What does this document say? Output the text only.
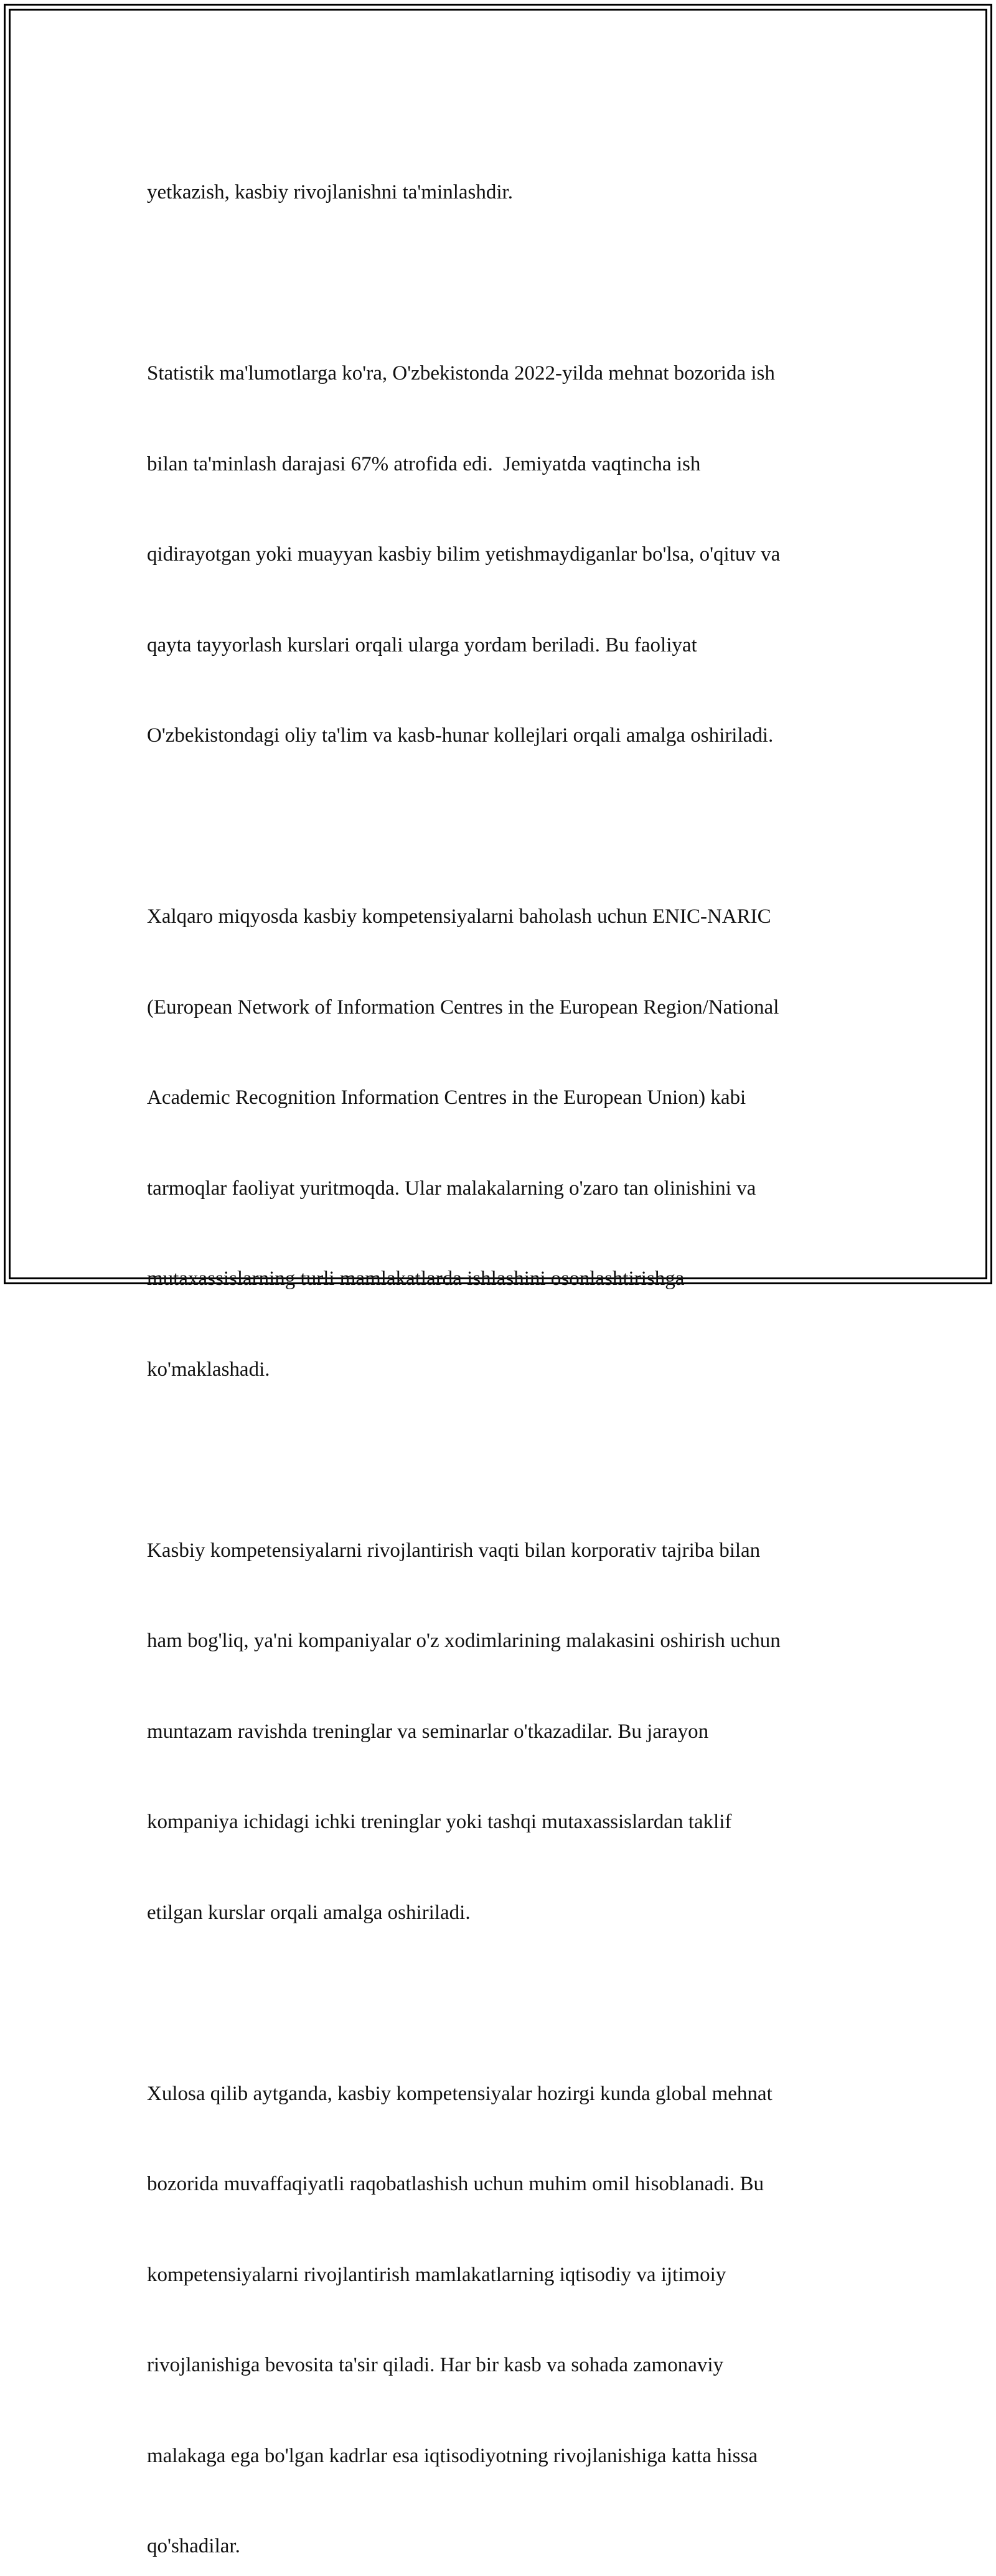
yetkazish, kasbiy rivojlanishni ta'minlashdir.

Statistik ma'lumotlarga ko'ra, O'zbekistonda 2022-yilda mehnat bozorida ish

bilan ta'minlash darajasi 67% atrofida edi.  Jemiyatda vaqtincha ish

qidirayotgan yoki muayyan kasbiy bilim yetishmaydiganlar bo'lsa, o'qituv va

qayta tayyorlash kurslari orqali ularga yordam beriladi. Bu faoliyat

O'zbekistondagi oliy ta'lim va kasb-hunar kollejlari orqali amalga oshiriladi.

Xalqaro miqyosda kasbiy kompetensiyalarni baholash uchun ENIC-NARIC

(European Network of Information Centres in the European Region/National

Academic Recognition Information Centres in the European Union) kabi

tarmoqlar faoliyat yuritmoqda. Ular malakalarning o'zaro tan olinishini va

mutaxassislarning turli mamlakatlarda ishlashini osonlashtirishga

ko'maklashadi.

Kasbiy kompetensiyalarni rivojlantirish vaqti bilan korporativ tajriba bilan

ham bog'liq, ya'ni kompaniyalar o'z xodimlarining malakasini oshirish uchun

muntazam ravishda treninglar va seminarlar o'tkazadilar. Bu jarayon

kompaniya ichidagi ichki treninglar yoki tashqi mutaxassislardan taklif

etilgan kurslar orqali amalga oshiriladi.

Xulosa qilib aytganda, kasbiy kompetensiyalar hozirgi kunda global mehnat

bozorida muvaffaqiyatli raqobatlashish uchun muhim omil hisoblanadi. Bu

kompetensiyalarni rivojlantirish mamlakatlarning iqtisodiy va ijtimoiy

rivojlanishiga bevosita ta'sir qiladi. Har bir kasb va sohada zamonaviy

malakaga ega bo'lgan kadrlar esa iqtisodiyotning rivojlanishiga katta hissa

qo'shadilar.
